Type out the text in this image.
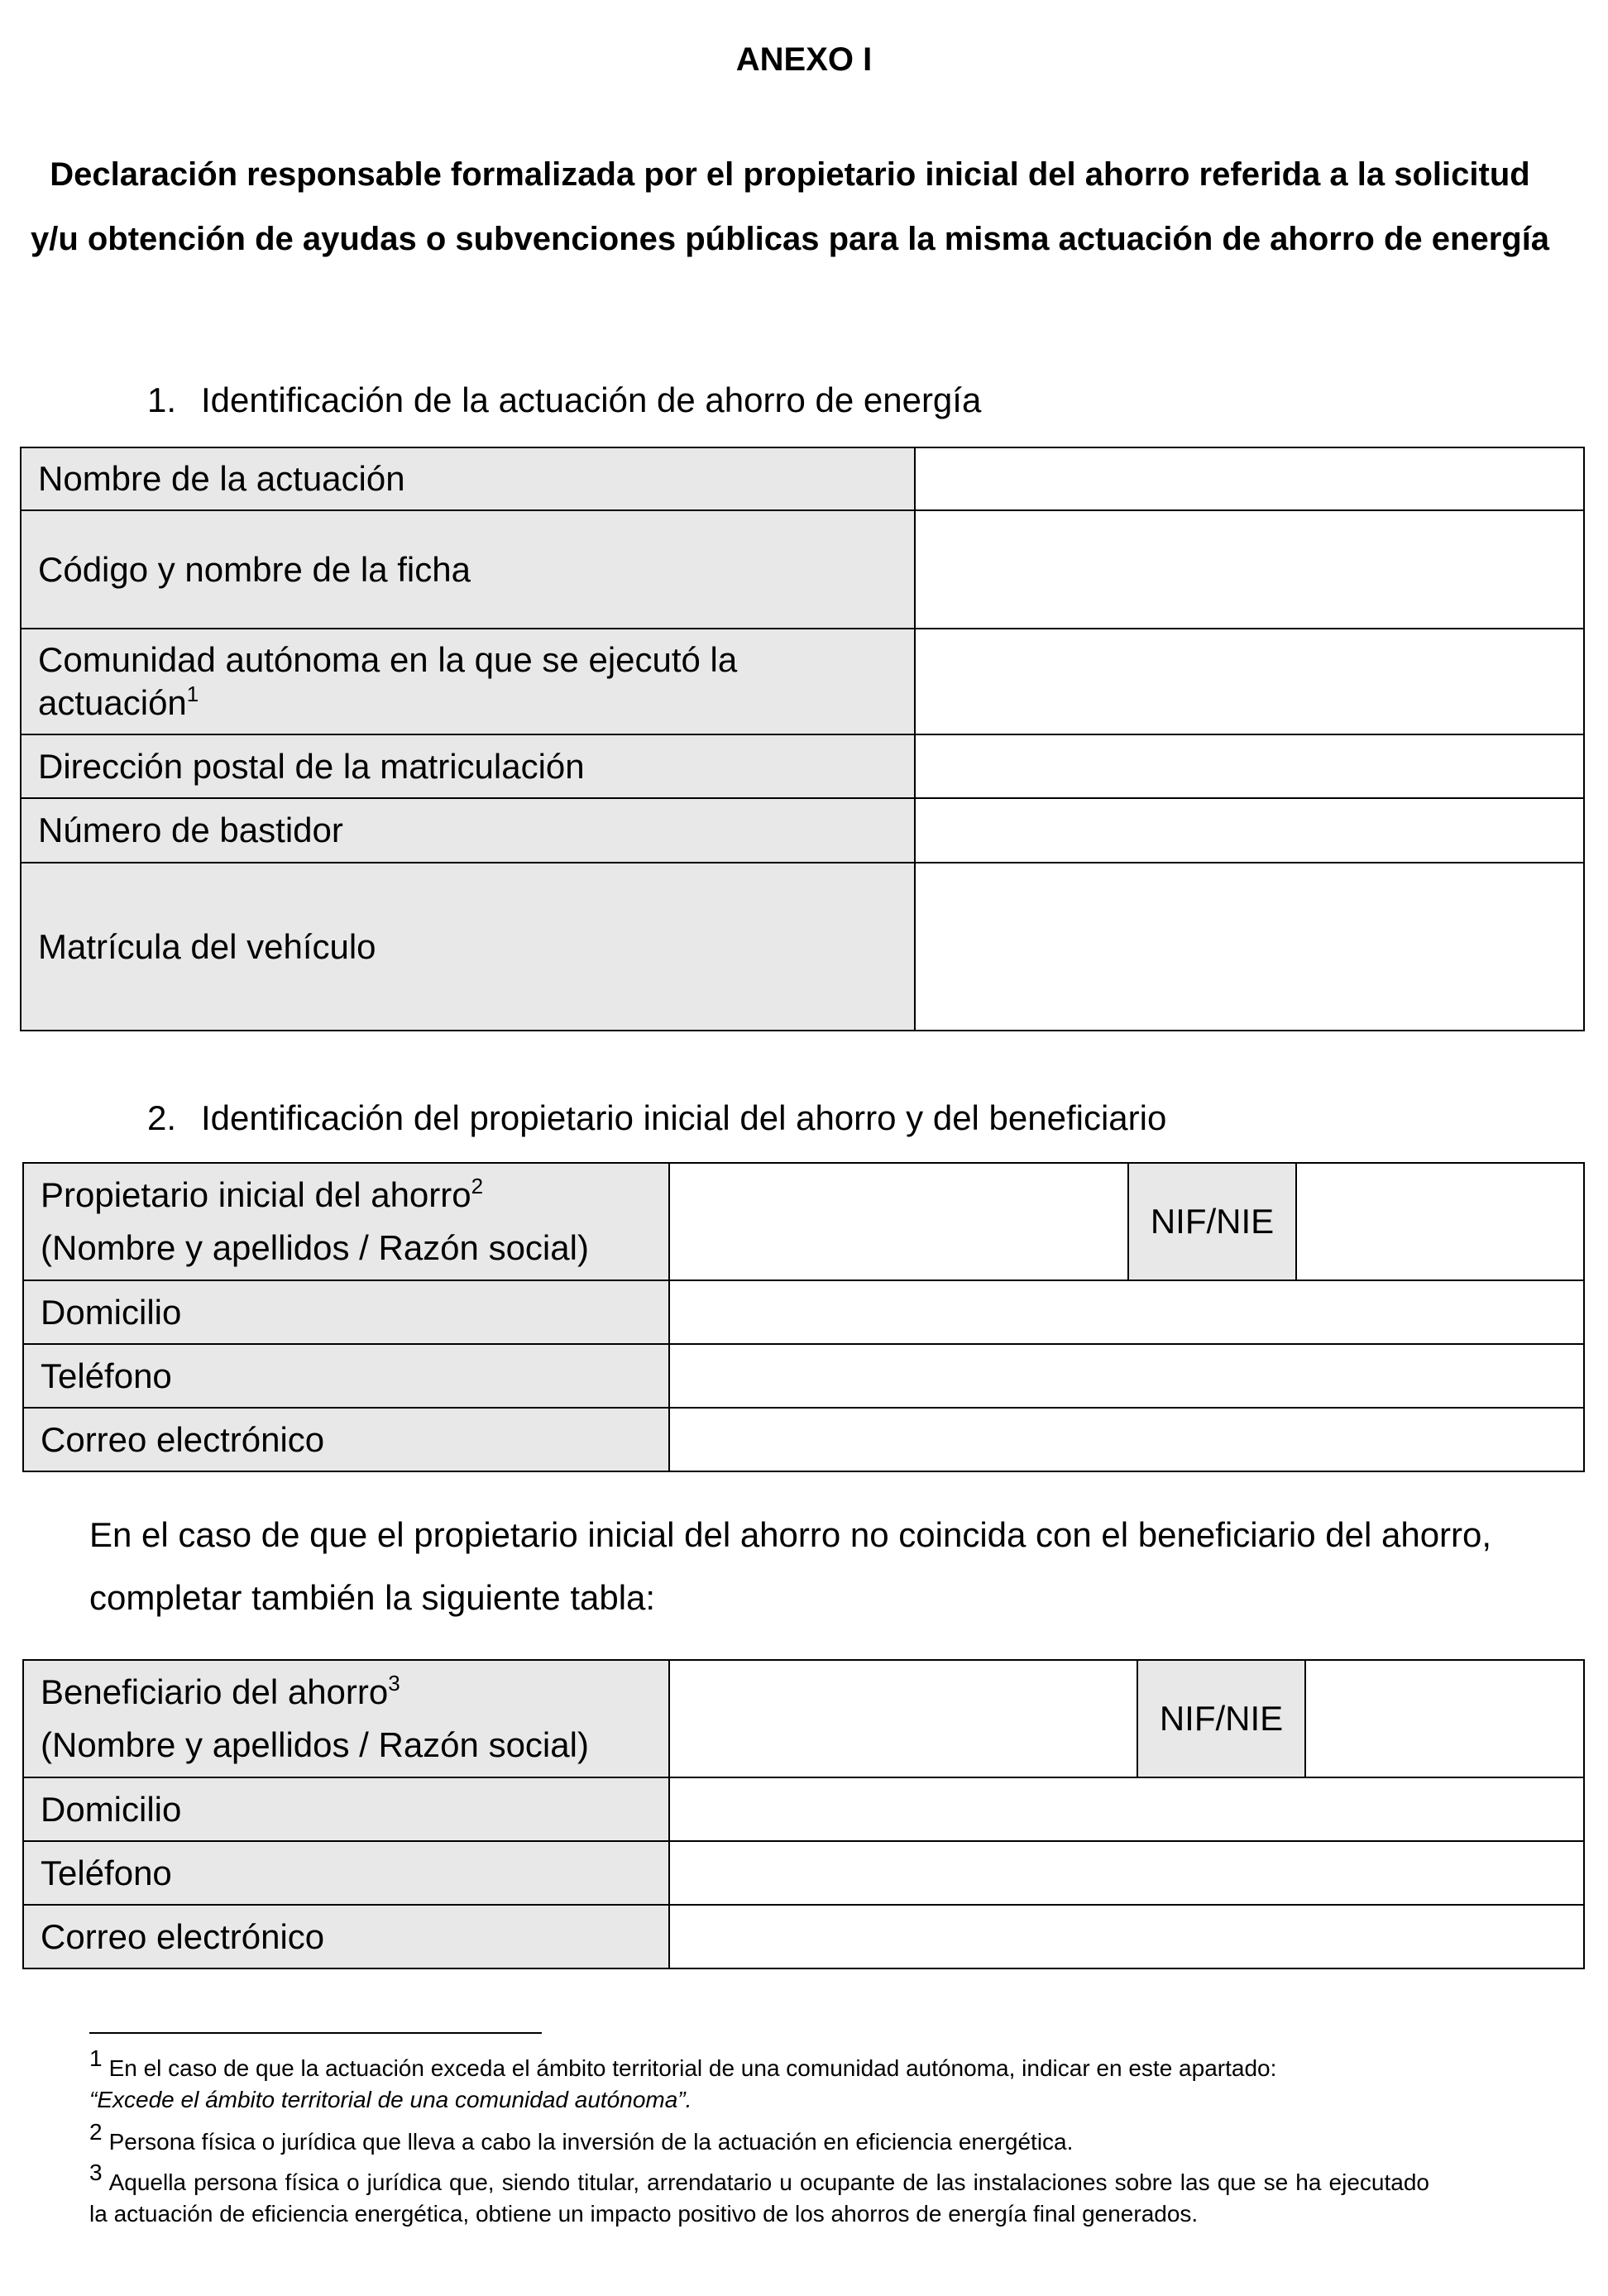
ANEXO I
Declaración responsable formalizada por el propietario inicial del ahorro referida a la solicitud y/u obtención de ayudas o subvenciones públicas para la misma actuación de ahorro de energía
1. Identificación de la actuación de ahorro de energía
Nombre de la actuación	
Código y nombre de la ficha	
Comunidad autónoma en la que se ejecutó la actuación$^1$	
Dirección postal de la matriculación	
Número de bastidor	
Matrícula del vehículo	
2. Identificación del propietario inicial del ahorro y del beneficiario
Propietario inicial del ahorro$^2$
(Nombre y apellidos / Razón social)		NIF/NIE	
Domicilio			
Teléfono			
Correo electrónico			
En el caso de que el propietario inicial del ahorro no coincida con el beneficiario del ahorro, completar también la siguiente tabla:
Beneficiario del ahorro$^3$
(Nombre y apellidos / Razón social)		NIF/NIE	
Domicilio			
Teléfono			
Correo electrónico			
1 En el caso de que la actuación exceda el ámbito territorial de una comunidad autónoma, indicar en este apartado:
“Excede el ámbito territorial de una comunidad autónoma”.
2 Persona física o jurídica que lleva a cabo la inversión de la actuación en eficiencia energética.
3 Aquella persona física o jurídica que, siendo titular, arrendatario u ocupante de las instalaciones sobre las que se ha ejecutado la actuación de eficiencia energética, obtiene un impacto positivo de los ahorros de energía final generados.
